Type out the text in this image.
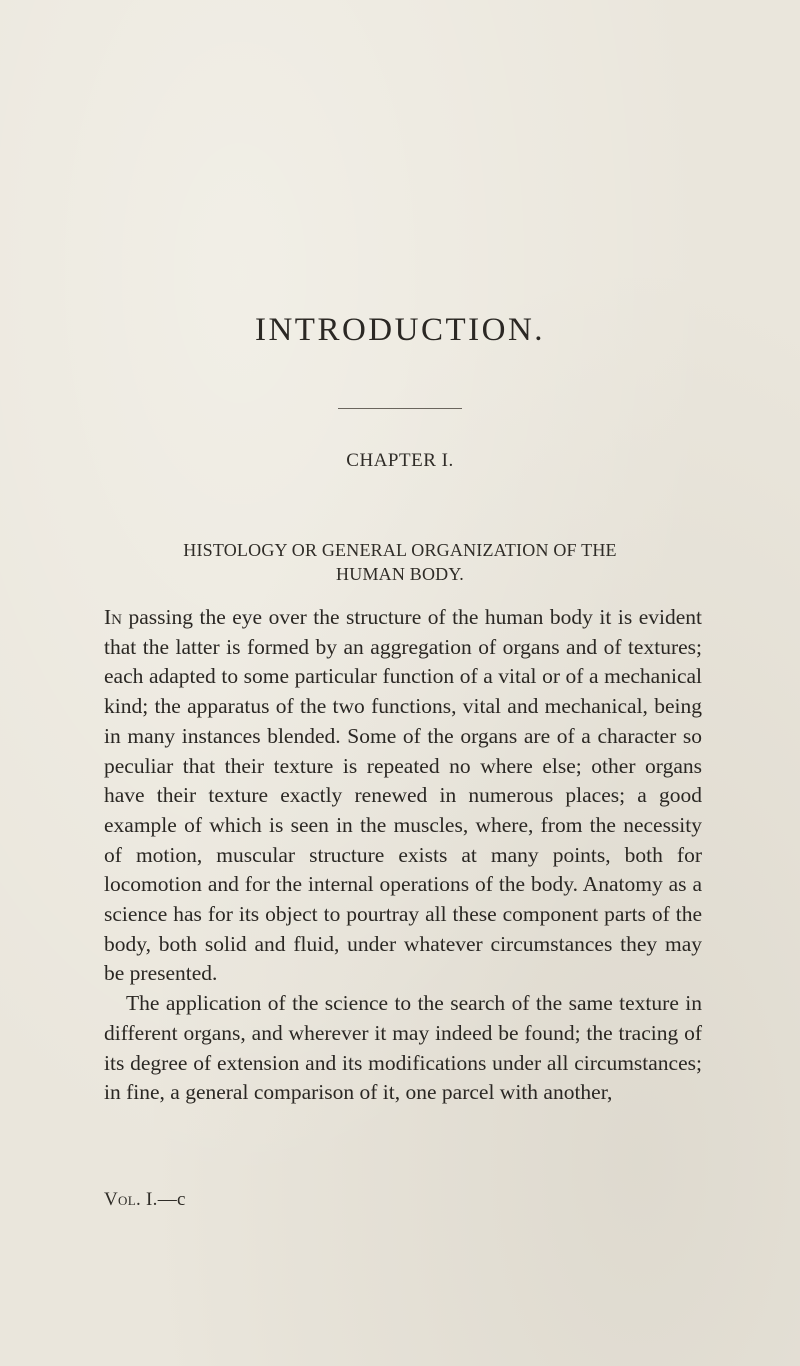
INTRODUCTION.
CHAPTER I.
HISTOLOGY OR GENERAL ORGANIZATION OF THE
HUMAN BODY.

In passing the eye over the structure of the human body it is evident that the latter is formed by an aggregation of organs and of textures; each adapted to some particular function of a vital or of a mechanical kind; the apparatus of the two functions, vital and mechanical, being in many instances blended. Some of the organs are of a character so peculiar that their texture is repeated no where else; other organs have their texture exactly renewed in numerous places; a good example of which is seen in the muscles, where, from the necessity of motion, muscular structure exists at many points, both for locomotion and for the internal operations of the body. Anatomy as a science has for its object to pourtray all these component parts of the body, both solid and fluid, under whatever circumstances they may be presented.

The application of the science to the search of the same texture in different organs, and wherever it may indeed be found; the tracing of its degree of extension and its modifications under all circumstances; in fine, a general comparison of it, one parcel with another,

Vol. I.—c
